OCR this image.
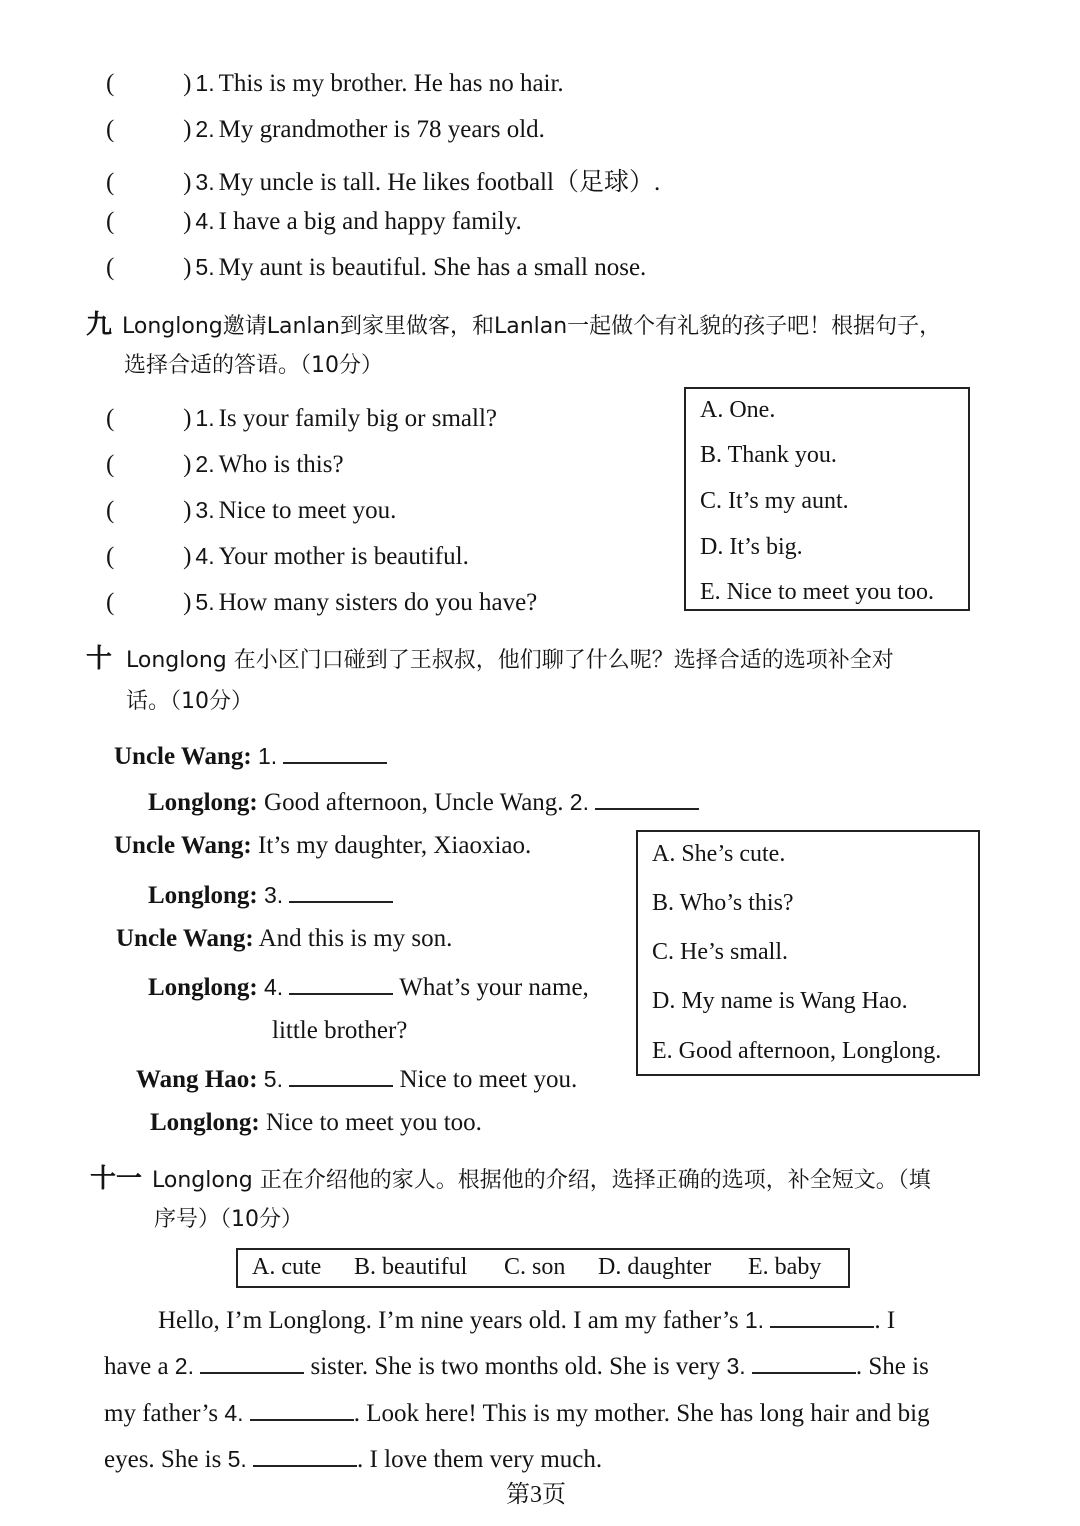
(           ) 1. This is my brother. He has no hair.
(           ) 2. My grandmother is 78 years old.
(           ) 3. My uncle is tall. He likes football（足球）.
(           ) 4. I have a big and happy family.
(           ) 5. My aunt is beautiful. She has a small nose.
九 Longlong邀请Lanlan到家里做客，和Lanlan一起做个有礼貌的孩子吧！根据句子，
选择合适的答语。（10分）
(           ) 1. Is your family big or small?
(           ) 2. Who is this?
(           ) 3. Nice to meet you.
(           ) 4. Your mother is beautiful.
(           ) 5. How many sisters do you have?
A. One.
B. Thank you.
C. It’s my aunt.
D. It’s big.
E. Nice to meet you too.
十 Longlong 在小区门口碰到了王叔叔，他们聊了什么呢？选择合适的选项补全对
话。（10分）
Uncle Wang: 1.
Longlong: Good afternoon, Uncle Wang. 2.
Uncle Wang: It’s my daughter, Xiaoxiao.
Longlong: 3.
Uncle Wang: And this is my son.
Longlong: 4.	What’s your name,
little brother?
Wang Hao: 5.	Nice to meet you.
Longlong: Nice to meet you too.
A. She’s cute.
B. Who’s this?
C. He’s small.
D. My name is Wang Hao.
E. Good afternoon, Longlong.
十一 Longlong 正在介绍他的家人。根据他的介绍，选择正确的选项，补全短文。（填
序号）（10分）
A. cute B. beautiful C. son D. daughter E. baby
Hello, I’m Longlong. I’m nine years old. I am my father’s 1.	. I
have a 2.	sister. She is two months old. She is very 3.	. She is
my father’s 4.	. Look here! This is my mother. She has long hair and big
eyes. She is 5.	. I love them very much.
第3页
